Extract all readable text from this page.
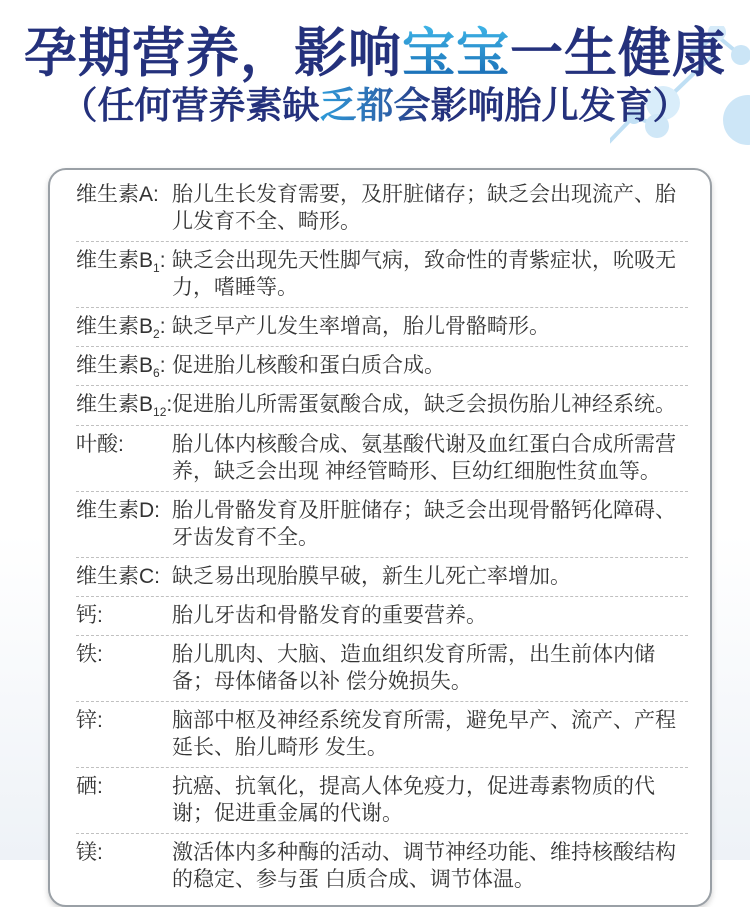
孕期营养，影响宝宝一生健康
（任何营养素缺乏都会影响胎儿发育）
维生素A: 胎儿生长发育需要，及肝脏储存；缺乏会出现流产、胎儿发育不全、畸形。
维生素$B_1$: 缺乏会出现先天性脚气病，致命性的青紫症状，吮吸无力，嗜睡等。
维生素$B_2$: 缺乏早产儿发生率增高，胎儿骨骼畸形。
维生素$B_6$: 促进胎儿核酸和蛋白质合成。
维生素$B_{12}$: 促进胎儿所需蛋氨酸合成，缺乏会损伤胎儿神经系统。
叶酸:	胎儿体内核酸合成、氨基酸代谢及血红蛋白合成所需营养，缺乏会出现 神经管畸形、巨幼红细胞性贫血等。
维生素D: 胎儿骨骼发育及肝脏储存；缺乏会出现骨骼钙化障碍、牙齿发育不全。
维生素C: 缺乏易出现胎膜早破，新生儿死亡率增加。
钙:	胎儿牙齿和骨骼发育的重要营养。
铁:	胎儿肌肉、大脑、造血组织发育所需，出生前体内储备；母体储备以补 偿分娩损失。
锌:	脑部中枢及神经系统发育所需，避免早产、流产、产程延长、胎儿畸形 发生。
硒:	抗癌、抗氧化，提高人体免疫力，促进毒素物质的代谢；促进重金属的代谢。
镁:	激活体内多种酶的活动、调节神经功能、维持核酸结构的稳定、参与蛋 白质合成、调节体温。
